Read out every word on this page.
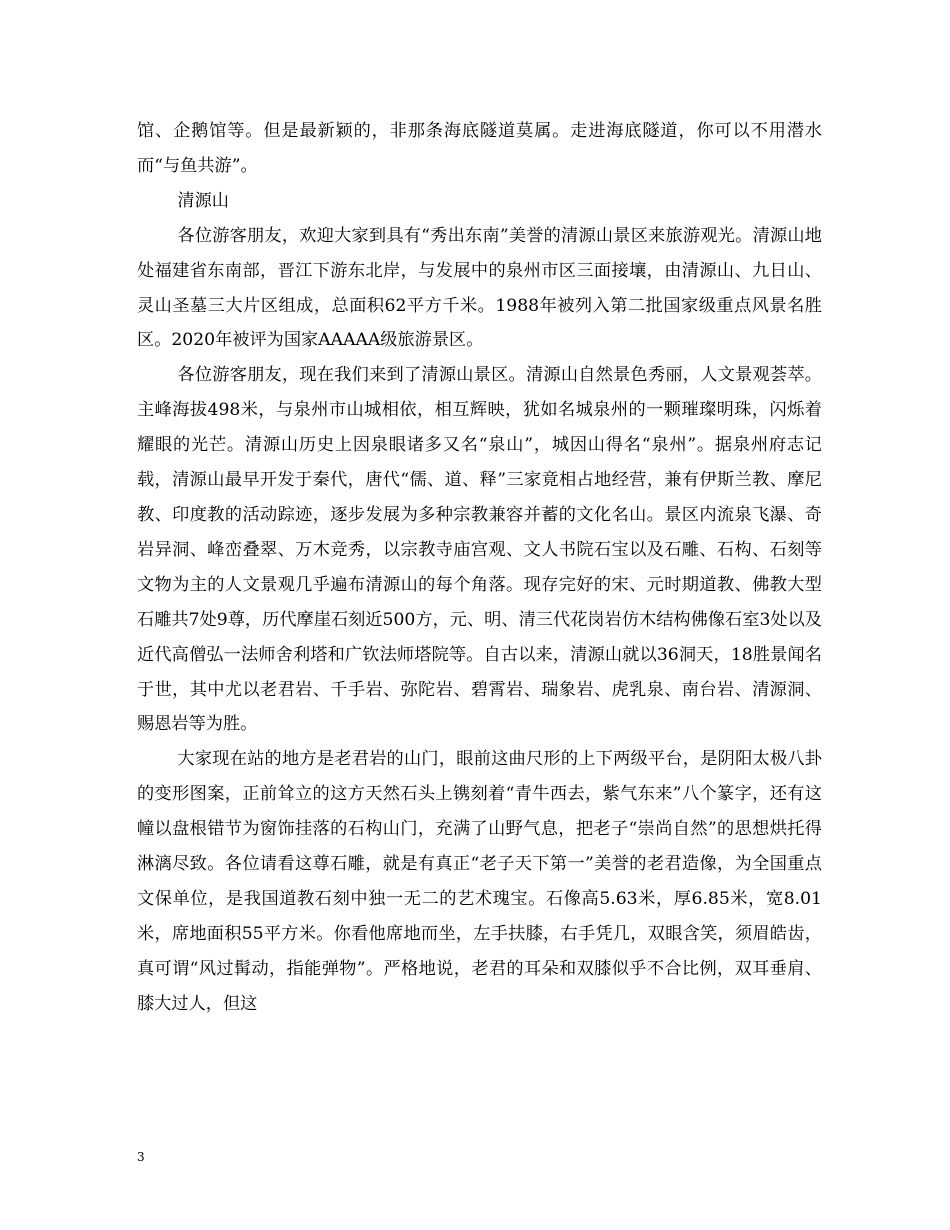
馆、企鹅馆等。但是最新颖的，非那条海底隧道莫属。走进海底隧道，你可以不用潜水而“与鱼共游”。

清源山

各位游客朋友，欢迎大家到具有“秀出东南”美誉的清源山景区来旅游观光。清源山地处福建省东南部，晋江下游东北岸，与发展中的泉州市区三面接壤，由清源山、九日山、灵山圣墓三大片区组成，总面积62平方千米。1988年被列入第二批国家级重点风景名胜区。2020年被评为国家AAAAA级旅游景区。

各位游客朋友，现在我们来到了清源山景区。清源山自然景色秀丽，人文景观荟萃。主峰海拔498米，与泉州市山城相依，相互辉映，犹如名城泉州的一颗璀璨明珠，闪烁着耀眼的光芒。清源山历史上因泉眼诸多又名“泉山”，城因山得名“泉州”。据泉州府志记载，清源山最早开发于秦代，唐代“儒、道、释”三家竟相占地经营，兼有伊斯兰教、摩尼教、印度教的活动踪迹，逐步发展为多种宗教兼容并蓄的文化名山。景区内流泉飞瀑、奇岩异洞、峰峦叠翠、万木竞秀，以宗教寺庙宫观、文人书院石宝以及石雕、石构、石刻等文物为主的人文景观几乎遍布清源山的每个角落。现存完好的宋、元时期道教、佛教大型石雕共7处9尊，历代摩崖石刻近500方，元、明、清三代花岗岩仿木结构佛像石室3处以及近代高僧弘一法师舍利塔和广钦法师塔院等。自古以来，清源山就以36洞天，18胜景闻名于世，其中尤以老君岩、千手岩、弥陀岩、碧霄岩、瑞象岩、虎乳泉、南台岩、清源洞、赐恩岩等为胜。

大家现在站的地方是老君岩的山门，眼前这曲尺形的上下两级平台，是阴阳太极八卦的变形图案，正前耸立的这方天然石头上镌刻着“青牛西去，紫气东来”八个篆字，还有这幢以盘根错节为窗饰挂落的石构山门，充满了山野气息，把老子“崇尚自然”的思想烘托得淋漓尽致。各位请看这尊石雕，就是有真正“老子天下第一”美誉的老君造像，为全国重点文保单位，是我国道教石刻中独一无二的艺术瑰宝。石像高5.63米，厚6.85米，宽8.01米，席地面积55平方米。你看他席地而坐，左手扶膝，右手凭几，双眼含笑，须眉皓齿，真可谓“风过髯动，指能弹物”。严格地说，老君的耳朵和双膝似乎不合比例，双耳垂肩、膝大过人，但这

3
